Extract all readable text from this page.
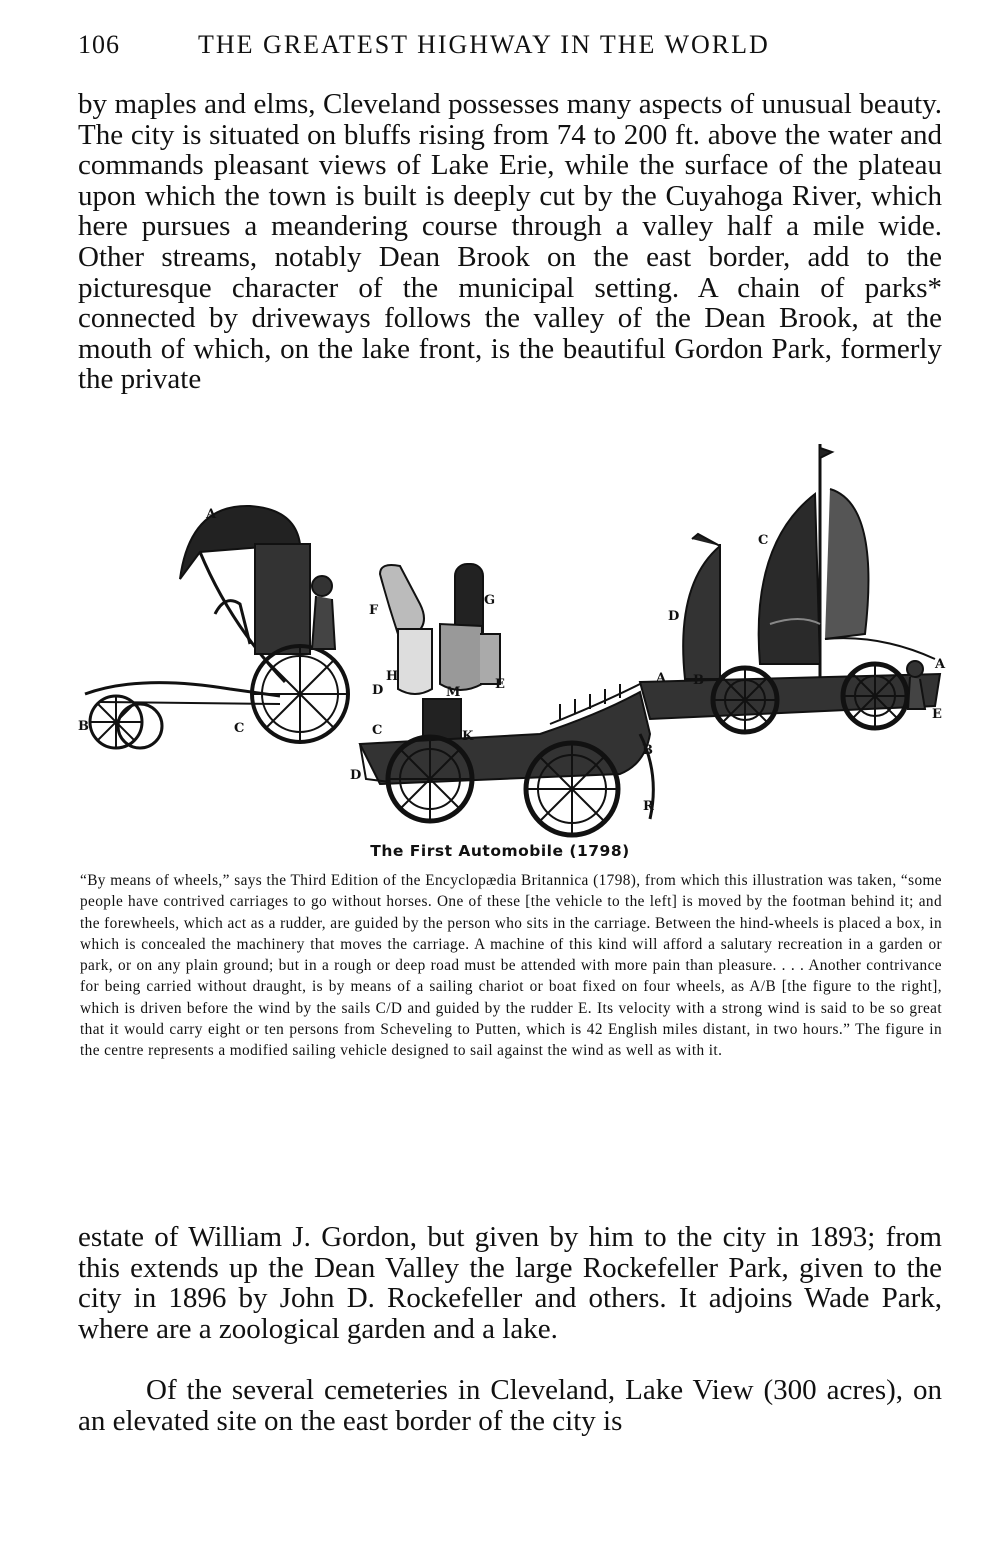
106	THE GREATEST HIGHWAY IN THE WORLD

by maples and elms, Cleveland possesses many aspects of unusual beauty. The city is situated on bluffs rising from 74 to 200 ft. above the water and commands pleasant views of Lake Erie, while the surface of the plateau upon which the town is built is deeply cut by the Cuyahoga River, which here pursues a meandering course through a valley half a mile wide. Other streams, notably Dean Brook on the east border, add to the picturesque character of the municipal setting. A chain of parks* connected by driveways follows the valley of the Dean Brook, at the mouth of which, on the lake front, is the beautiful Gordon Park, formerly the private

A
B	C
D
F
G
H
M
E
C	K
A
B
D
R
C
D
A
B
E
The First Automobile (1798)

“By means of wheels,” says the Third Edition of the Encyclopædia Britannica (1798), from which this illustration was taken, “some people have contrived carriages to go without horses. One of these [the vehicle to the left] is moved by the footman behind it; and the forewheels, which act as a rudder, are guided by the person who sits in the carriage. Between the hind-wheels is placed a box, in which is concealed the machinery that moves the carriage. A machine of this kind will afford a salutary recreation in a garden or park, or on any plain ground; but in a rough or deep road must be attended with more pain than pleasure. . . . Another contrivance for being carried without draught, is by means of a sailing chariot or boat fixed on four wheels, as A/B [the figure to the right], which is driven before the wind by the sails C/D and guided by the rudder E. Its velocity with a strong wind is said to be so great that it would carry eight or ten persons from Scheveling to Putten, which is 42 English miles distant, in two hours.” The figure in the centre represents a modified sailing vehicle designed to sail against the wind as well as with it.

estate of William J. Gordon, but given by him to the city in 1893; from this extends up the Dean Valley the large Rockefeller Park, given to the city in 1896 by John D. Rockefeller and others. It adjoins Wade Park, where are a zoological garden and a lake.

Of the several cemeteries in Cleveland, Lake View (300 acres), on an elevated site on the east border of the city is
